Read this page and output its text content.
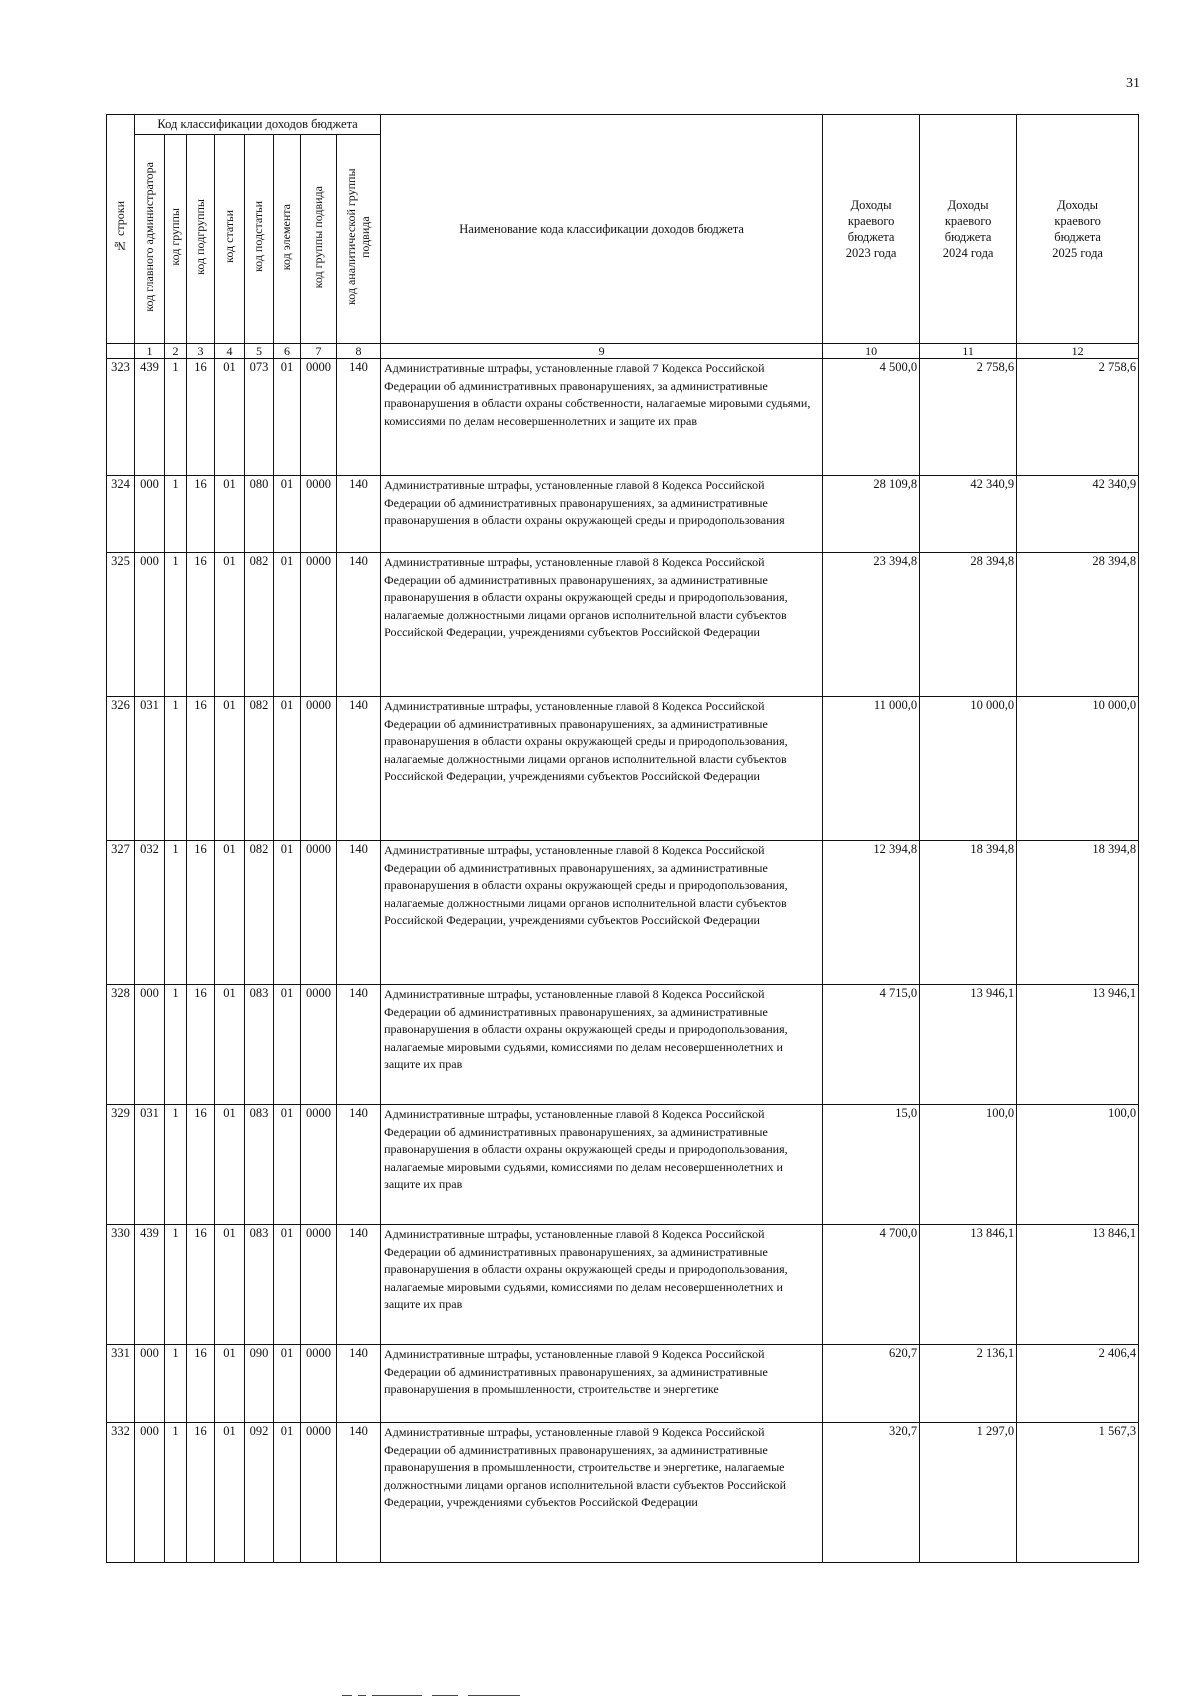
31
№ строки	Код классификации доходов бюджета								Наименование кода классификации доходов бюджета	Доходы
краевого
бюджета
2023 года	Доходы
краевого
бюджета
2024 года	Доходы
краевого
бюджета
2025 года
	код главного администратора	код группы	код подгруппы	код статьи	код подстатьи	код элемента	код группы подвида	код аналитической группы подвида				
	1	2	3	4	5	6	7	8	9	10	11	12
323	439	1	16	01	073	01	0000	140	Административные штрафы, установленные главой 7 Кодекса Российской Федерации об административных правонарушениях, за административные правонарушения в области охраны собственности, налагаемые мировыми судьями, комиссиями по делам несовершеннолетних и защите их прав	4 500,0	2 758,6	2 758,6
324	000	1	16	01	080	01	0000	140	Административные штрафы, установленные главой 8 Кодекса Российской Федерации об административных правонарушениях, за административные правонарушения в области охраны окружающей среды и природопользования	28 109,8	42 340,9	42 340,9
325	000	1	16	01	082	01	0000	140	Административные штрафы, установленные главой 8 Кодекса Российской Федерации об административных правонарушениях, за административные правонарушения в области охраны окружающей среды и природопользования, налагаемые должностными лицами органов исполнительной власти субъектов Российской Федерации, учреждениями субъектов Российской Федерации	23 394,8	28 394,8	28 394,8
326	031	1	16	01	082	01	0000	140	Административные штрафы, установленные главой 8 Кодекса Российской Федерации об административных правонарушениях, за административные правонарушения в области охраны окружающей среды и природопользования, налагаемые должностными лицами органов исполнительной власти субъектов Российской Федерации, учреждениями субъектов Российской Федерации	11 000,0	10 000,0	10 000,0
327	032	1	16	01	082	01	0000	140	Административные штрафы, установленные главой 8 Кодекса Российской Федерации об административных правонарушениях, за административные правонарушения в области охраны окружающей среды и природопользования, налагаемые должностными лицами органов исполнительной власти субъектов Российской Федерации, учреждениями субъектов Российской Федерации	12 394,8	18 394,8	18 394,8
328	000	1	16	01	083	01	0000	140	Административные штрафы, установленные главой 8 Кодекса Российской Федерации об административных правонарушениях, за административные правонарушения в области охраны окружающей среды и природопользования, налагаемые мировыми судьями, комиссиями по делам несовершеннолетних и защите их прав	4 715,0	13 946,1	13 946,1
329	031	1	16	01	083	01	0000	140	Административные штрафы, установленные главой 8 Кодекса Российской Федерации об административных правонарушениях, за административные правонарушения в области охраны окружающей среды и природопользования, налагаемые мировыми судьями, комиссиями по делам несовершеннолетних и защите их прав	15,0	100,0	100,0
330	439	1	16	01	083	01	0000	140	Административные штрафы, установленные главой 8 Кодекса Российской Федерации об административных правонарушениях, за административные правонарушения в области охраны окружающей среды и природопользования, налагаемые мировыми судьями, комиссиями по делам несовершеннолетних и защите их прав	4 700,0	13 846,1	13 846,1
331	000	1	16	01	090	01	0000	140	Административные штрафы, установленные главой 9 Кодекса Российской Федерации об административных правонарушениях, за административные правонарушения в промышленности, строительстве и энергетике	620,7	2 136,1	2 406,4
332	000	1	16	01	092	01	0000	140	Административные штрафы, установленные главой 9 Кодекса Российской Федерации об административных правонарушениях, за административные правонарушения в промышленности, строительстве и энергетике, налагаемые должностными лицами органов исполнительной власти субъектов Российской Федерации, учреждениями субъектов Российской Федерации	320,7	1 297,0	1 567,3
